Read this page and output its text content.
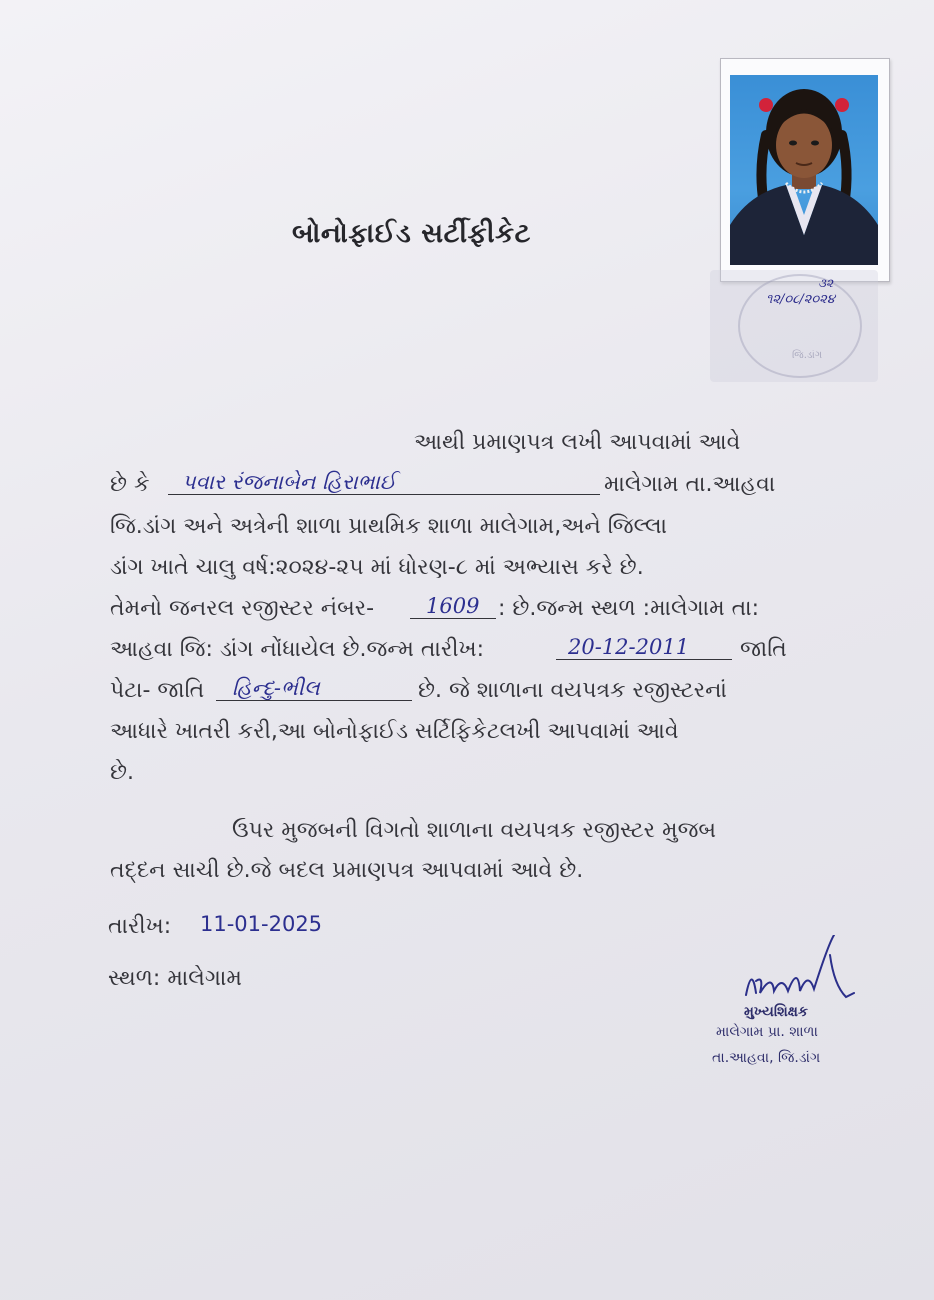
બોનોફાઈડ સર્ટીફીકેટ
જિ.ડાંગ
૩૨
૧૨/૦૮/૨૦૨૪
આથી પ્રમાણપત્ર લખી આપવામાં આવે
છે કે પવાર રંજનાબેન હિરાભાઈ	માલેગામ તા.આહવા
જિ.ડાંગ અને અત્રેની શાળા પ્રાથમિક શાળા માલેગામ,અને જિલ્લા
ડાંગ ખાતે ચાલુ વર્ષ:૨૦૨૪-૨૫ માં ધોરણ-૮ માં અભ્યાસ કરે છે.
તેમનો જનરલ રજીસ્ટર નંબર- 1609 : છે.જન્મ સ્થળ :માલેગામ તા:
આહવા જિ: ડાંગ નોંધાયેલ છે.જન્મ તારીખ:	20-12-2011 જાતિ
પેટા- જાતિ હિન્દુ-ભીલ	છે. જે શાળાના વયપત્રક રજીસ્ટરનાં
આધારે ખાતરી કરી,આ બોનોફાઈડ સર્ટિફિકેટલખી આપવામાં આવે
છે.
ઉપર મુજબની વિગતો શાળાના વયપત્રક રજીસ્ટર મુજબ
તદ્દન સાચી છે.જે બદલ પ્રમાણપત્ર આપવામાં આવે છે.
તારીખ: 11-01-2025
સ્થળ: માલેગામ
મુખ્યશિક્ષક
માલેગામ પ્રા. શાળા
તા.આહવા, જિ.ડાંગ
